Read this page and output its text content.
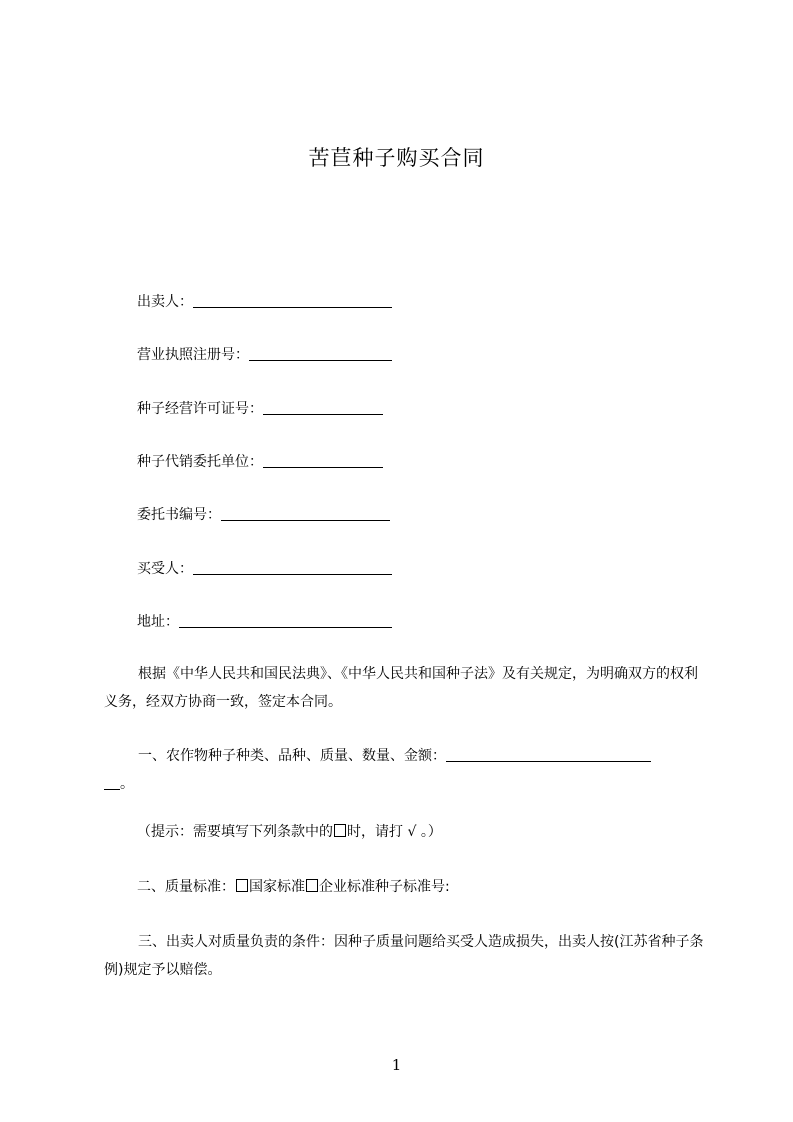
苦苣种子购买合同
出卖人：
营业执照注册号：
种子经营许可证号：
种子代销委托单位：
委托书编号：
买受人：
地址：
根据《中华人民共和国民法典》、《中华人民共和国种子法》及有关规定，为明确双方的权利义务，经双方协商一致，签定本合同。
一、农作物种子种类、品种、质量、数量、金额：
。
（提示：需要填写下列条款中的 时，请打 √ 。）
二、质量标准： 国家标准 企业标准种子标准号:
三、出卖人对质量负责的条件：因种子质量问题给买受人造成损失，出卖人按(江苏省种子条例)规定予以赔偿。
1
